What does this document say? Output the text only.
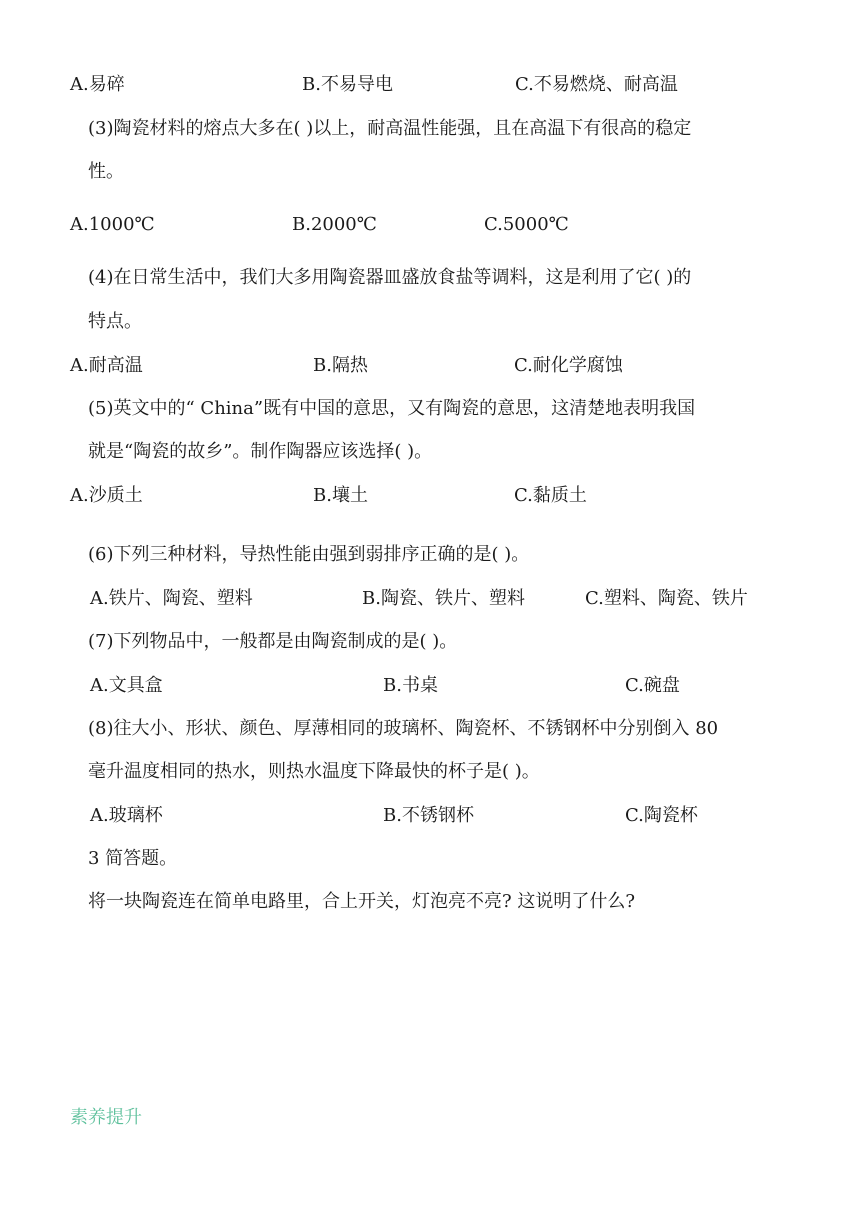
A.易碎	B.不易导电	C.不易燃烧、耐高温
(3)陶瓷材料的熔点大多在( )以上，耐高温性能强，且在高温下有很高的稳定
性。
A.1000℃	B.2000℃	C.5000℃
(4)在日常生活中，我们大多用陶瓷器皿盛放食盐等调料，这是利用了它( )的
特点。
A.耐高温	B.隔热	C.耐化学腐蚀
(5)英文中的“ China”既有中国的意思，又有陶瓷的意思，这清楚地表明我国
就是“陶瓷的故乡”。制作陶器应该选择( )。
A.沙质土	B.壤土	C.黏质土
(6)下列三种材料，导热性能由强到弱排序正确的是( )。
A.铁片、陶瓷、塑料	B.陶瓷、铁片、塑料	C.塑料、陶瓷、铁片
(7)下列物品中，一般都是由陶瓷制成的是( )。
A.文具盒	B.书桌	C.碗盘
(8)往大小、形状、颜色、厚薄相同的玻璃杯、陶瓷杯、不锈钢杯中分别倒入 80
毫升温度相同的热水，则热水温度下降最快的杯子是( )。
A.玻璃杯	B.不锈钢杯	C.陶瓷杯
3 简答题。
将一块陶瓷连在简单电路里，合上开关，灯泡亮不亮? 这说明了什么?
素养提升
